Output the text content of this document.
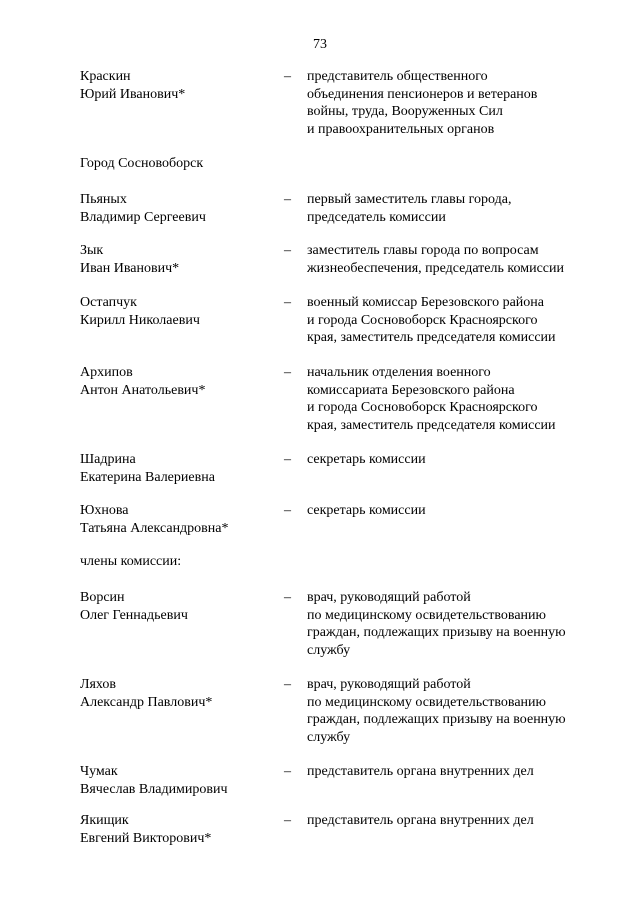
73
Краскин
Юрий Иванович*
– представитель общественного
объединения пенсионеров и ветеранов
войны, труда, Вооруженных Сил
и правоохранительных органов
Город Сосновоборск
Пьяных
Владимир Сергеевич
– первый заместитель главы города,
председатель комиссии
Зык
Иван Иванович*
– заместитель главы города по вопросам
жизнеобеспечения, председатель комиссии
Остапчук
Кирилл Николаевич
– военный комиссар Березовского района
и города Сосновоборск Красноярского
края, заместитель председателя комиссии
Архипов
Антон Анатольевич*
– начальник отделения военного
комиссариата Березовского района
и города Сосновоборск Красноярского
края, заместитель председателя комиссии
Шадрина
Екатерина Валериевна
– секретарь комиссии
Юхнова
Татьяна Александровна*
– секретарь комиссии
члены комиссии:
Ворсин
Олег Геннадьевич
– врач, руководящий работой
по медицинскому освидетельствованию
граждан, подлежащих призыву на военную
службу
Ляхов
Александр Павлович*
– врач, руководящий работой
по медицинскому освидетельствованию
граждан, подлежащих призыву на военную
службу
Чумак
Вячеслав Владимирович
– представитель органа внутренних дел
Якищик
Евгений Викторович*
– представитель органа внутренних дел
